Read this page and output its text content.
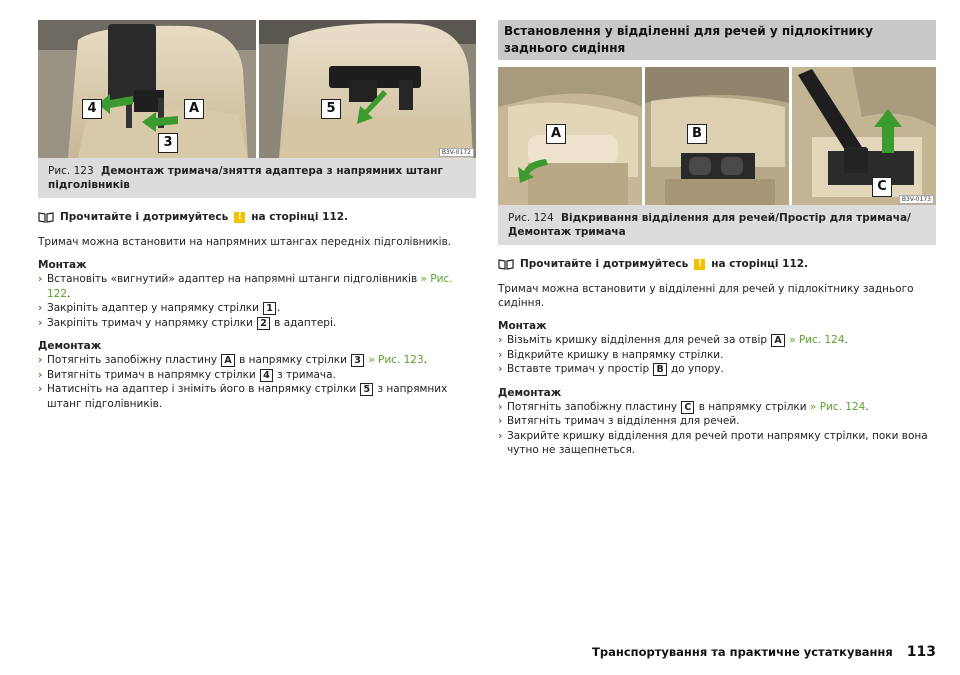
4	A
3
5
B3V-0172
Рис. 123 Демонтаж тримача/зняття адаптера з напрямних штанг підголівників
Прочитайте і дотримуйтесь	! на сторінці 112.

Тримач можна встановити на напрямних штангах передніх підголівників.

Монтаж
› Встановіть «вигнутий» адаптер на напрямні штанги підголівників » Рис. 122.
› Закріпіть адаптер у напрямку стрілки 1 .
› Закріпіть тримач у напрямку стрілки 2 в адаптері.
Демонтаж
› Потягніть запобіжну пластину A в напрямку стрілки 3 » Рис. 123.
› Витягніть тримач в напрямку стрілки 4 з тримача.
› Натисніть на адаптер і зніміть його в напрямку стрілки 5 з напрямних штанг підголівників.
Встановлення у відділенні для речей у підлокітнику заднього сидіння
A	B
C
B3V-0173
Рис. 124 Відкривання відділення для речей/Простір для тримача/Демонтаж тримача
Прочитайте і дотримуйтесь	! на сторінці 112.

Тримач можна встановити у відділенні для речей у підлокітнику заднього сидіння.

Монтаж
› Візьміть кришку відділення для речей за отвір A » Рис. 124.
› Відкрийте кришку в напрямку стрілки.
› Вставте тримач у простір B до упору.
Демонтаж
› Потягніть запобіжну пластину C в напрямку стрілки » Рис. 124.
› Витягніть тримач з відділення для речей.
› Закрийте кришку відділення для речей проти напрямку стрілки, поки вона чутно не защепнеться.
Транспортування та практичне устаткування 113
